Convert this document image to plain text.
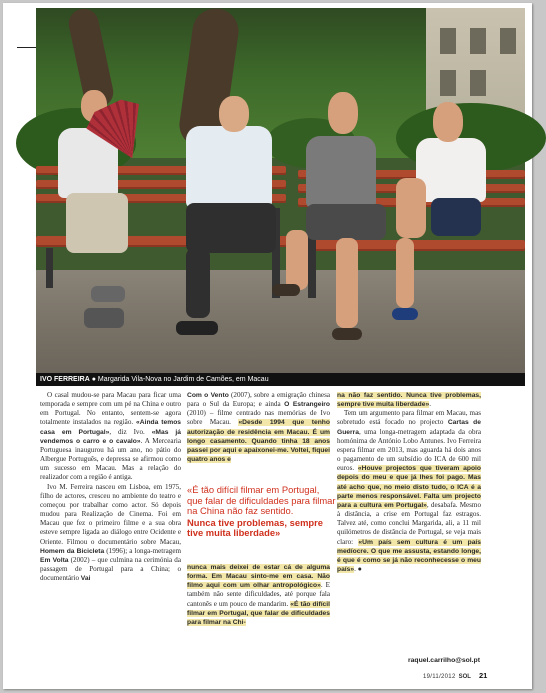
IVO FERREIRA ● Margarida Vila-Nova no Jardim de Camões, em Macau

O casal mudou-se para Macau para ficar uma temporada e sempre com um pé na China e outro em Portugal. No entanto, sentem-se agora totalmente instalados na região. «Ainda temos casa em Portugal», diz Ivo. «Mas já vendemos o carro e o cavalo». A Mercearia Portuguesa inaugurou há um ano, no pátio do Albergue Português, e depressa se afirmou como um sucesso em Macau. Mas a relação do realizador com a região é antiga.

Ivo M. Ferreira nasceu em Lisboa, em 1975, filho de actores, cresceu no ambiente do teatro e começou por trabalhar como actor. Só depois mudou para Realização de Cinema. Foi em Macau que fez o primeiro filme e a sua obra esteve sempre ligada ao diálogo entre Ocidente e Oriente. Filmou o documentário sobre Macau, Homem da Bicicleta (1996); a longa-metragem Em Volta (2002) – que culmina na cerimónia da passagem de Portugal para a China; o documentário Vai

Com o Vento (2007), sobre a emigração chinesa para o Sul da Europa; e ainda O Estrangeiro (2010) – filme centrado nas memórias de Ivo sobre Macau. «Desde 1994 que tenho autorização de residência em Macau. É um longo casamento. Quando tinha 18 anos passei por aqui e apaixonei-me. Voltei, fiquei quatro anos e
nunca mais deixei de estar cá de alguma forma. Em Macau sinto-me em casa. Não filmo aqui com um olhar antropológico». E também não sente dificuldades, até porque fala cantonês e um pouco de mandarim. «É tão difícil filmar em Portugal, que falar de dificuldades para filmar na Chi-
«É tão difícil filmar em Portugal, que falar de dificuldades para filmar na China não faz sentido.
Nunca tive problemas, sempre tive muita liberdade»

na não faz sentido. Nunca tive problemas, sempre tive muita liberdade».

Tem um argumento para filmar em Macau, mas sobretudo está focado no projecto Cartas de Guerra, uma longa-metragem adaptada da obra homónima de António Lobo Antunes. Ivo Ferreira espera filmar em 2013, mas aguarda há dois anos o pagamento de um subsídio do ICA de 600 mil euros. «Houve projectos que tiveram apoio depois do meu e que já lhes foi pago. Mas até acho que, no meio disto tudo, o ICA é a parte menos responsável. Falta um projecto para a cultura em Portugal», desabafa. Mesmo à distância, a crise em Portugal faz estragos. Talvez até, como conclui Margarida, ali, a 11 mil quilómetros de distância de Portugal, se veja mais claro: «Um país sem cultura é um país medíocre. O que me assusta, estando longe, é que é como se já não reconhecesse o meu país». ●

raquel.carrilho@sol.pt
19/11/2012 SOL 21
